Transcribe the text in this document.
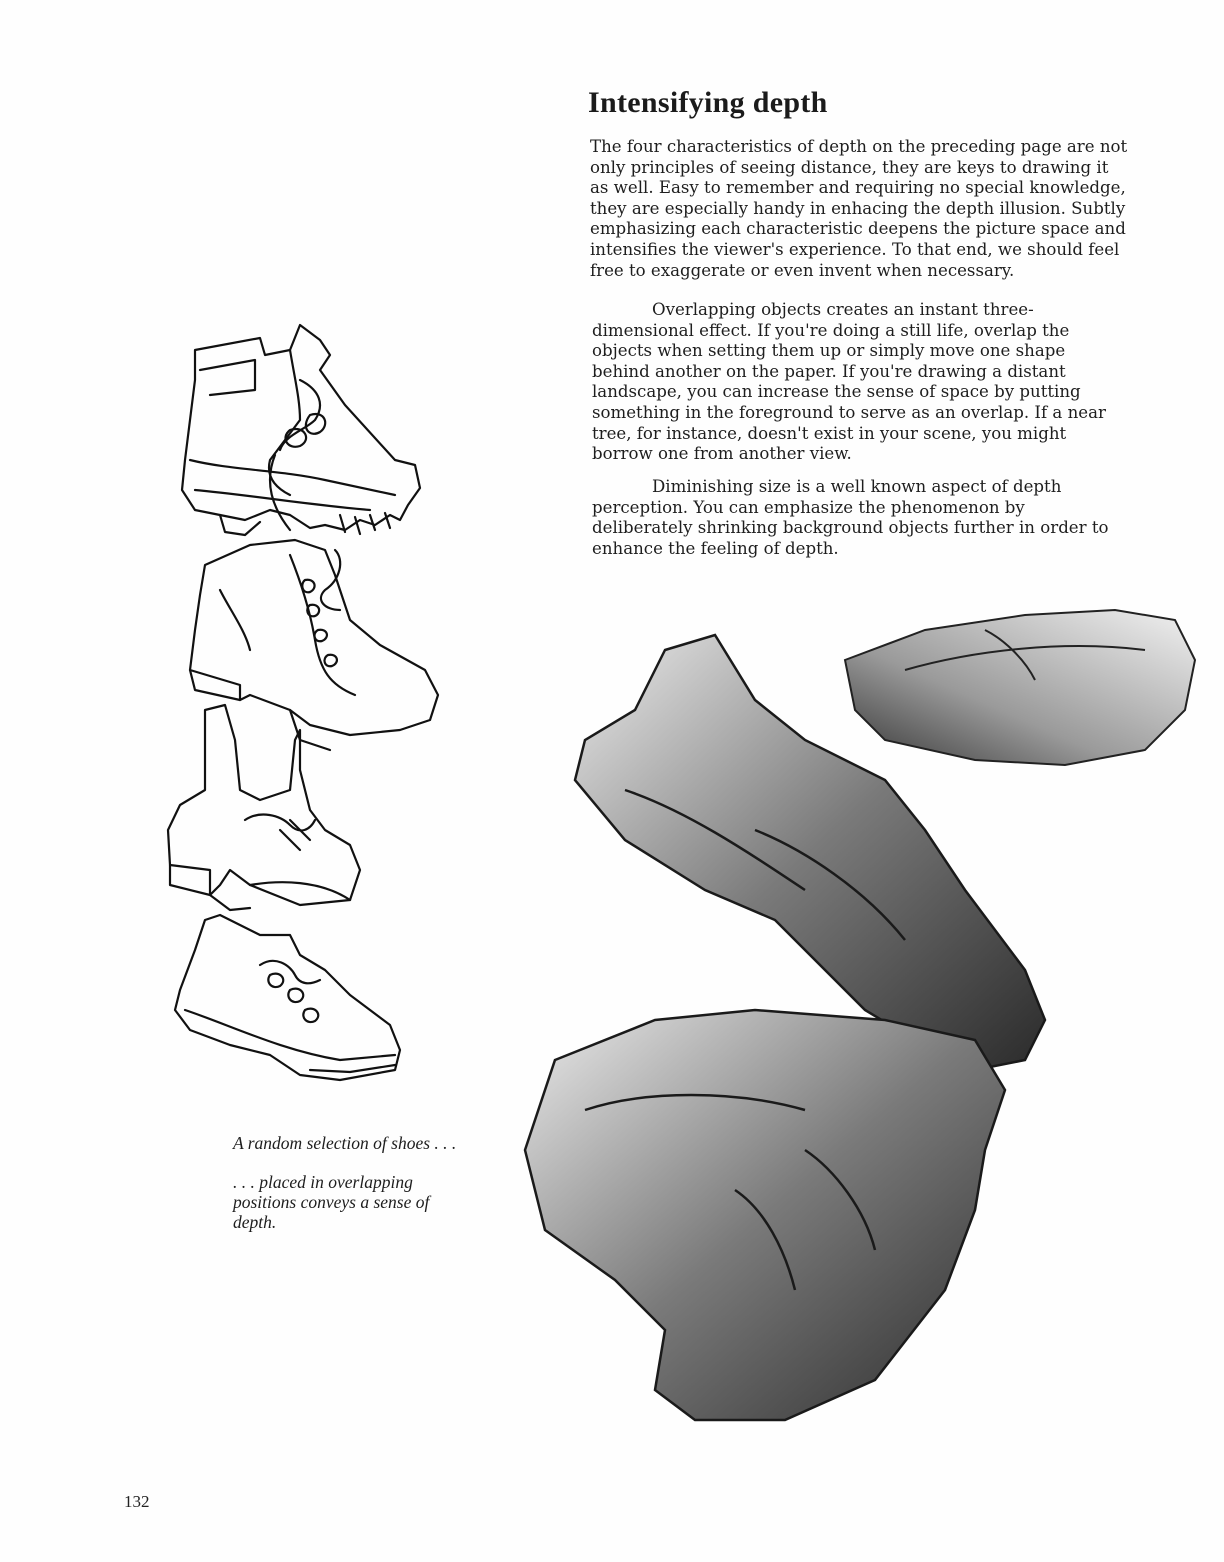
Intensifying depth
The four characteristics of depth on the preceding page are not
only principles of seeing distance, they are keys to drawing it
as well. Easy to remember and requiring no special knowledge,
they are especially handy in enhacing the depth illusion. Subtly
emphasizing each characteristic deepens the picture space and
intensifies the viewer's experience. To that end, we should feel
free to exaggerate or even invent when necessary.
Overlapping objects creates an instant three-
dimensional effect. If you're doing a still life, overlap the
objects when setting them up or simply move one shape
behind another on the paper. If you're drawing a distant
landscape, you can increase the sense of space by putting
something in the foreground to serve as an overlap. If a near
tree, for instance, doesn't exist in your scene, you might
borrow one from another view.
Diminishing size is a well known aspect of depth
perception. You can emphasize the phenomenon by
deliberately shrinking background objects further in order to
enhance the feeling of depth.
A random selection of shoes . . .
. . . placed in overlapping positions conveys a sense of depth.
132
